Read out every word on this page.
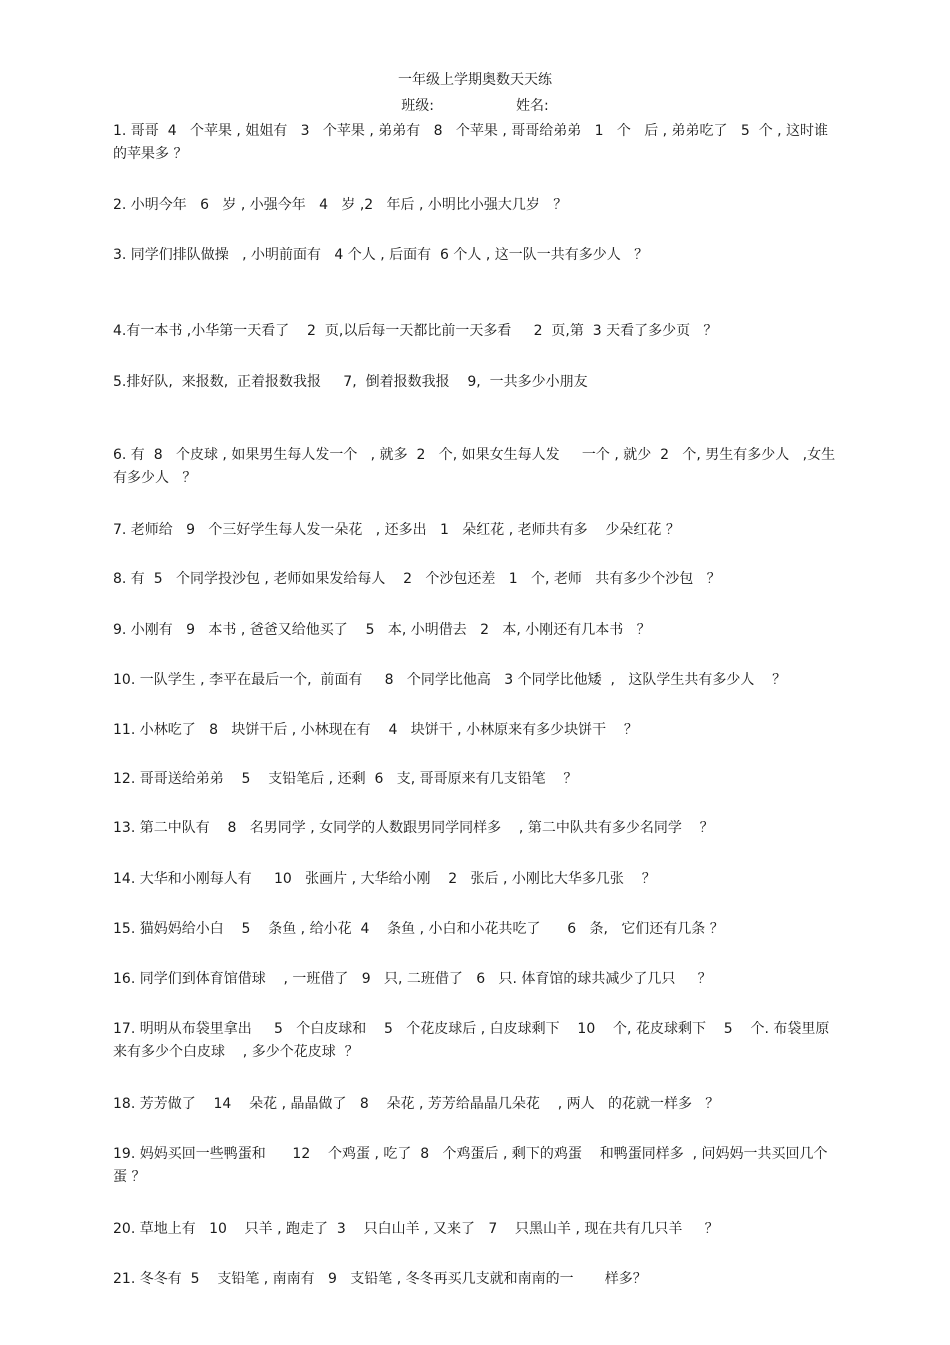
一年级上学期奥数天天练
班级:	姓名:
1. 哥哥  4   个苹果 , 姐姐有   3   个苹果 , 弟弟有   8   个苹果 , 哥哥给弟弟   1   个   后 , 弟弟吃了   5  个 , 这时谁的苹果多 ？
2. 小明今年   6   岁 , 小强今年   4   岁 ,2   年后 , 小明比小强大几岁   ？
3. 同学们排队做操   , 小明前面有   4 个人 , 后面有  6 个人 , 这一队一共有多少人   ？
4.有一本书 ,小华第一天看了    2  页,以后每一天都比前一天多看     2  页,第  3 天看了多少页   ？
5.排好队,  来报数,  正着报数我报     7,  倒着报数我报    9,  一共多少小朋友
6. 有  8   个皮球 , 如果男生每人发一个   , 就多  2   个, 如果女生每人发     一个 , 就少  2   个, 男生有多少人   ,女生有多少人   ？
7. 老师给   9   个三好学生每人发一朵花   , 还多出   1   朵红花 , 老师共有多    少朵红花 ？
8. 有  5   个同学投沙包 , 老师如果发给每人    2   个沙包还差   1   个, 老师   共有多少个沙包   ？
9. 小刚有   9   本书 , 爸爸又给他买了    5   本, 小明借去   2   本, 小刚还有几本书   ？
10. 一队学生 , 李平在最后一个,  前面有     8   个同学比他高   3 个同学比他矮  ,   这队学生共有多少人    ？
11. 小林吃了   8   块饼干后 , 小林现在有    4   块饼干 , 小林原来有多少块饼干    ？
12. 哥哥送给弟弟    5    支铅笔后 , 还剩  6   支, 哥哥原来有几支铅笔    ？
13. 第二中队有    8   名男同学 , 女同学的人数跟男同学同样多    , 第二中队共有多少名同学    ？
14. 大华和小刚每人有     10   张画片 , 大华给小刚    2   张后 , 小刚比大华多几张    ？
15. 猫妈妈给小白    5    条鱼 , 给小花  4    条鱼 , 小白和小花共吃了      6   条,   它们还有几条 ？
16. 同学们到体育馆借球    , 一班借了   9   只, 二班借了   6   只. 体育馆的球共减少了几只     ？
17. 明明从布袋里拿出     5   个白皮球和    5   个花皮球后 , 白皮球剩下    10    个, 花皮球剩下    5    个. 布袋里原来有多少个白皮球    , 多少个花皮球  ？
18. 芳芳做了    14    朵花 , 晶晶做了   8    朵花 , 芳芳给晶晶几朵花    , 两人   的花就一样多   ？
19. 妈妈买回一些鸭蛋和      12    个鸡蛋 , 吃了  8   个鸡蛋后 , 剩下的鸡蛋    和鸭蛋同样多  , 问妈妈一共买回几个蛋 ？
20. 草地上有   10    只羊 , 跑走了  3    只白山羊 , 又来了   7    只黑山羊 , 现在共有几只羊     ？
21. 冬冬有  5    支铅笔 , 南南有   9   支铅笔 , 冬冬再买几支就和南南的一       样多？
